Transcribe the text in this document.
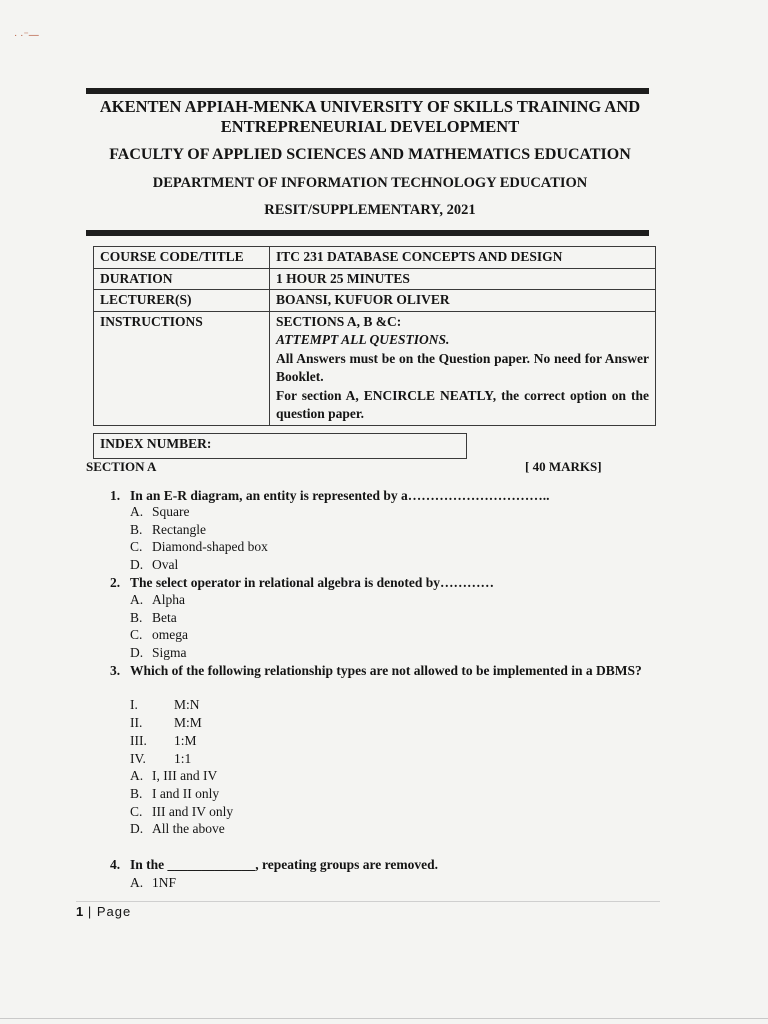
· ·⁻—
AKENTEN APPIAH-MENKA UNIVERSITY OF SKILLS TRAINING AND ENTREPRENEURIAL DEVELOPMENT
FACULTY OF APPLIED SCIENCES AND MATHEMATICS EDUCATION
DEPARTMENT OF INFORMATION TECHNOLOGY EDUCATION
RESIT/SUPPLEMENTARY, 2021
COURSE CODE/TITLE	ITC 231 DATABASE CONCEPTS AND DESIGN
DURATION	1 HOUR 25 MINUTES
LECTURER(S)	BOANSI, KUFUOR OLIVER
INSTRUCTIONS	SECTIONS A, B &C:
ATTEMPT ALL QUESTIONS.
All Answers must be on the Question paper. No need for Answer Booklet.
For section A, ENCIRCLE NEATLY, the correct option on the question paper.
INDEX NUMBER:
SECTION A	[ 40 MARKS]
1. In an E-R diagram, an entity is represented by a…………………………..
A. Square
B. Rectangle
C. Diamond-shaped box
D. Oval
2. The select operator in relational algebra is denoted by…………
A. Alpha
B. Beta
C. omega
D. Sigma
3. Which of the following relationship types are not allowed to be implemented in a DBMS?
I.	M:N
II. M:M
III. 1:M
IV. 1:1
A. I, III and IV
B. I and II only
C. III and IV only
D. All the above
4. In the _____________, repeating groups are removed.
A. 1NF
1 | Page
